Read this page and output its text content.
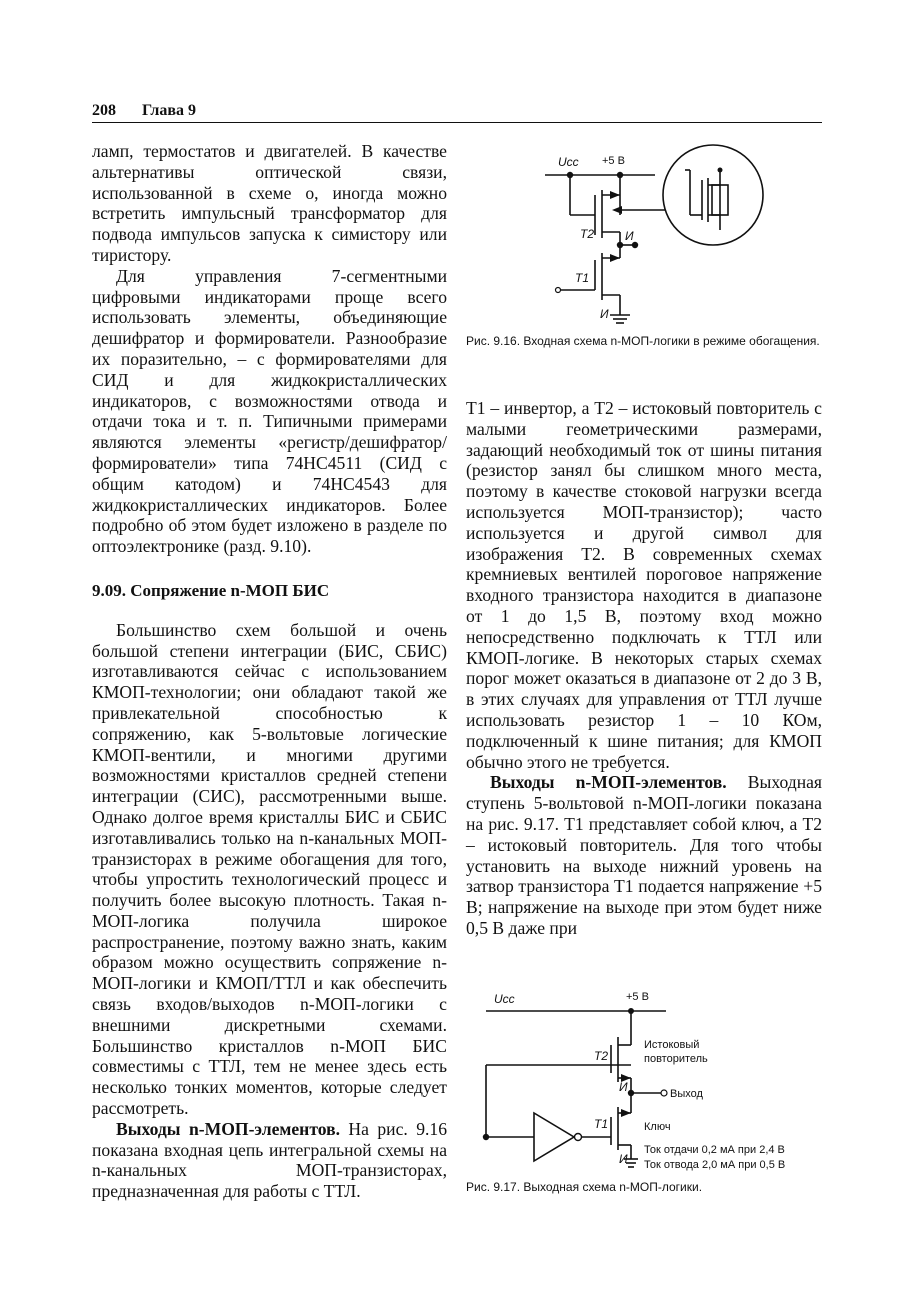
208 Глава 9

ламп, термостатов и двигателей. В качестве альтернативы оптической связи, использованной в схеме о, иногда можно встретить импульсный трансформатор для подвода импульсов запуска к симистору или тиристору.

Для управления 7-сегментными цифровыми индикаторами проще всего использовать элементы, объединяющие дешифратор и формирователи. Разнообразие их поразительно, – с формирователями для СИД и для жидкокристаллических индикаторов, с возможностями отвода и отдачи тока и т. п. Типичными примерами являются элементы «регистр/дешифратор/формирователи» типа 74НС4511 (СИД с общим катодом) и 74НС4543 для жидкокристаллических индикаторов. Более подробно об этом будет изложено в разделе по оптоэлектронике (разд. 9.10).

9.09. Сопряжение n-МОП БИС

Большинство схем большой и очень большой степени интеграции (БИС, СБИС) изготавливаются сейчас с использованием КМОП-технологии; они обладают такой же привлекательной способностью к сопряжению, как 5-вольтовые логические КМОП-вентили, и многими другими возможностями кристаллов средней степени интеграции (СИС), рассмотренными выше. Однако долгое время кристаллы БИС и СБИС изготавливались только на n-канальных МОП-транзисторах в режиме обогащения для того, чтобы упростить технологический процесс и получить более высокую плотность. Такая n-МОП-логика получила широкое распространение, поэтому важно знать, каким образом можно осуществить сопряжение n-МОП-логики и КМОП/ТТЛ и как обеспечить связь входов/выходов n-МОП-логики с внешними дискретными схемами. Большинство кристаллов n-МОП БИС совместимы с ТТЛ, тем не менее здесь есть несколько тонких моментов, которые следует рассмотреть.

Выходы n-МОП-элементов. На рис. 9.16 показана входная цепь интегральной схемы на n-канальных МОП-транзисторах, предназначенная для работы с ТТЛ.

Ucc +5 В
T2	И
T1
И
Рис. 9.16. Входная схема n-МОП-логики в режиме обогащения.

T1 – инвертор, а T2 – истоковый повторитель с малыми геометрическими размерами, задающий необходимый ток от шины питания (резистор занял бы слишком много места, поэтому в качестве стоковой нагрузки всегда используется МОП-транзистор); часто используется и другой символ для изображения T2. В современных схемах кремниевых вентилей пороговое напряжение входного транзистора находится в диапазоне от 1 до 1,5 В, поэтому вход можно непосредственно подключать к ТТЛ или КМОП-логике. В некоторых старых схемах порог может оказаться в диапазоне от 2 до 3 В, в этих случаях для управления от ТТЛ лучше использовать резистор 1 – 10 КОм, подключенный к шине питания; для КМОП обычно этого не требуется.

Выходы n-МОП-элементов. Выходная ступень 5-вольтовой n-МОП-логики показана на рис. 9.17. T1 представляет собой ключ, а T2 – истоковый повторитель. Для того чтобы установить на выходе нижний уровень на затвор транзистора T1 подается напряжение +5 В; напряжение на выходе при этом будет ниже 0,5 В даже при

Ucc	+5 В
T2
Истоковый
повторитель
И	Выход
T1	Ключ
И
Ток отдачи 0,2 мА при 2,4 В
Ток отвода 2,0 мА при 0,5 В
Рис. 9.17. Выходная схема n-МОП-логики.
